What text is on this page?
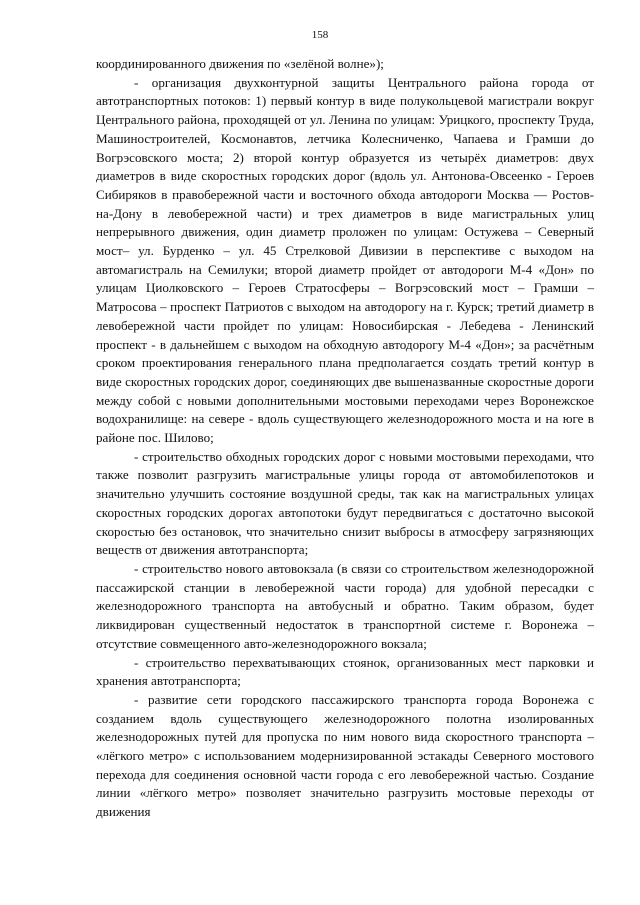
158

координированного движения по «зелёной волне»);

- организация двухконтурной защиты Центрального района города от автотранспортных потоков: 1) первый контур в виде полукольцевой магистрали вокруг Центрального района, проходящей от ул. Ленина по улицам: Урицкого, проспекту Труда, Машиностроителей, Космонавтов, летчика Колесниченко, Чапаева и Грамши до Вогрэсовского моста; 2) второй контур образуется из четырёх диаметров: двух диаметров в виде скоростных городских дорог (вдоль ул. Антонова-Овсеенко - Героев Сибиряков в правобережной части и восточного обхода автодороги Москва — Ростов-на-Дону в левобережной части) и трех диаметров в виде магистральных улиц непрерывного движения, один диаметр проложен по улицам: Остужева – Северный мост– ул. Бурденко – ул. 45 Стрелковой Дивизии в перспективе с выходом на автомагистраль на Семилуки; второй диаметр пройдет от автодороги М-4 «Дон» по улицам Циолковского – Героев Стратосферы – Вогрэсовский мост – Грамши – Матросова – проспект Патриотов с выходом на автодорогу на г. Курск; третий диаметр в левобережной части пройдет по улицам: Новосибирская - Лебедева - Ленинский проспект - в дальнейшем с выходом на обходную автодорогу М-4 «Дон»; за расчётным сроком проектирования генерального плана предполагается создать третий контур в виде скоростных городских дорог, соединяющих две вышеназванные скоростные дороги между собой с новыми дополнительными мостовыми переходами через Воронежское водохранилище: на севере - вдоль существующего железнодорожного моста и на юге в районе пос. Шилово;

- строительство обходных городских дорог с новыми мостовыми переходами, что также позволит разгрузить магистральные улицы города от автомобилепотоков и значительно улучшить состояние воздушной среды, так как на магистральных улицах скоростных городских дорогах автопотоки будут передвигаться с достаточно высокой скоростью без остановок, что значительно снизит выбросы в атмосферу загрязняющих веществ от движения автотранспорта;

- строительство нового автовокзала (в связи со строительством железнодорожной пассажирской станции в левобережной части города) для удобной пересадки с железнодорожного транспорта на автобусный и обратно. Таким образом, будет ликвидирован существенный недостаток в транспортной системе г. Воронежа – отсутствие совмещенного авто-железнодорожного вокзала;

- строительство перехватывающих стоянок, организованных мест парковки и хранения автотранспорта;

- развитие сети городского пассажирского транспорта города Воронежа с созданием вдоль существующего железнодорожного полотна изолированных железнодорожных путей для пропуска по ним нового вида скоростного транспорта – «лёгкого метро» с использованием модернизированной эстакады Северного мостового перехода для соединения основной части города с его левобережной частью. Создание линии «лёгкого метро» позволяет значительно разгрузить мостовые переходы от движения
